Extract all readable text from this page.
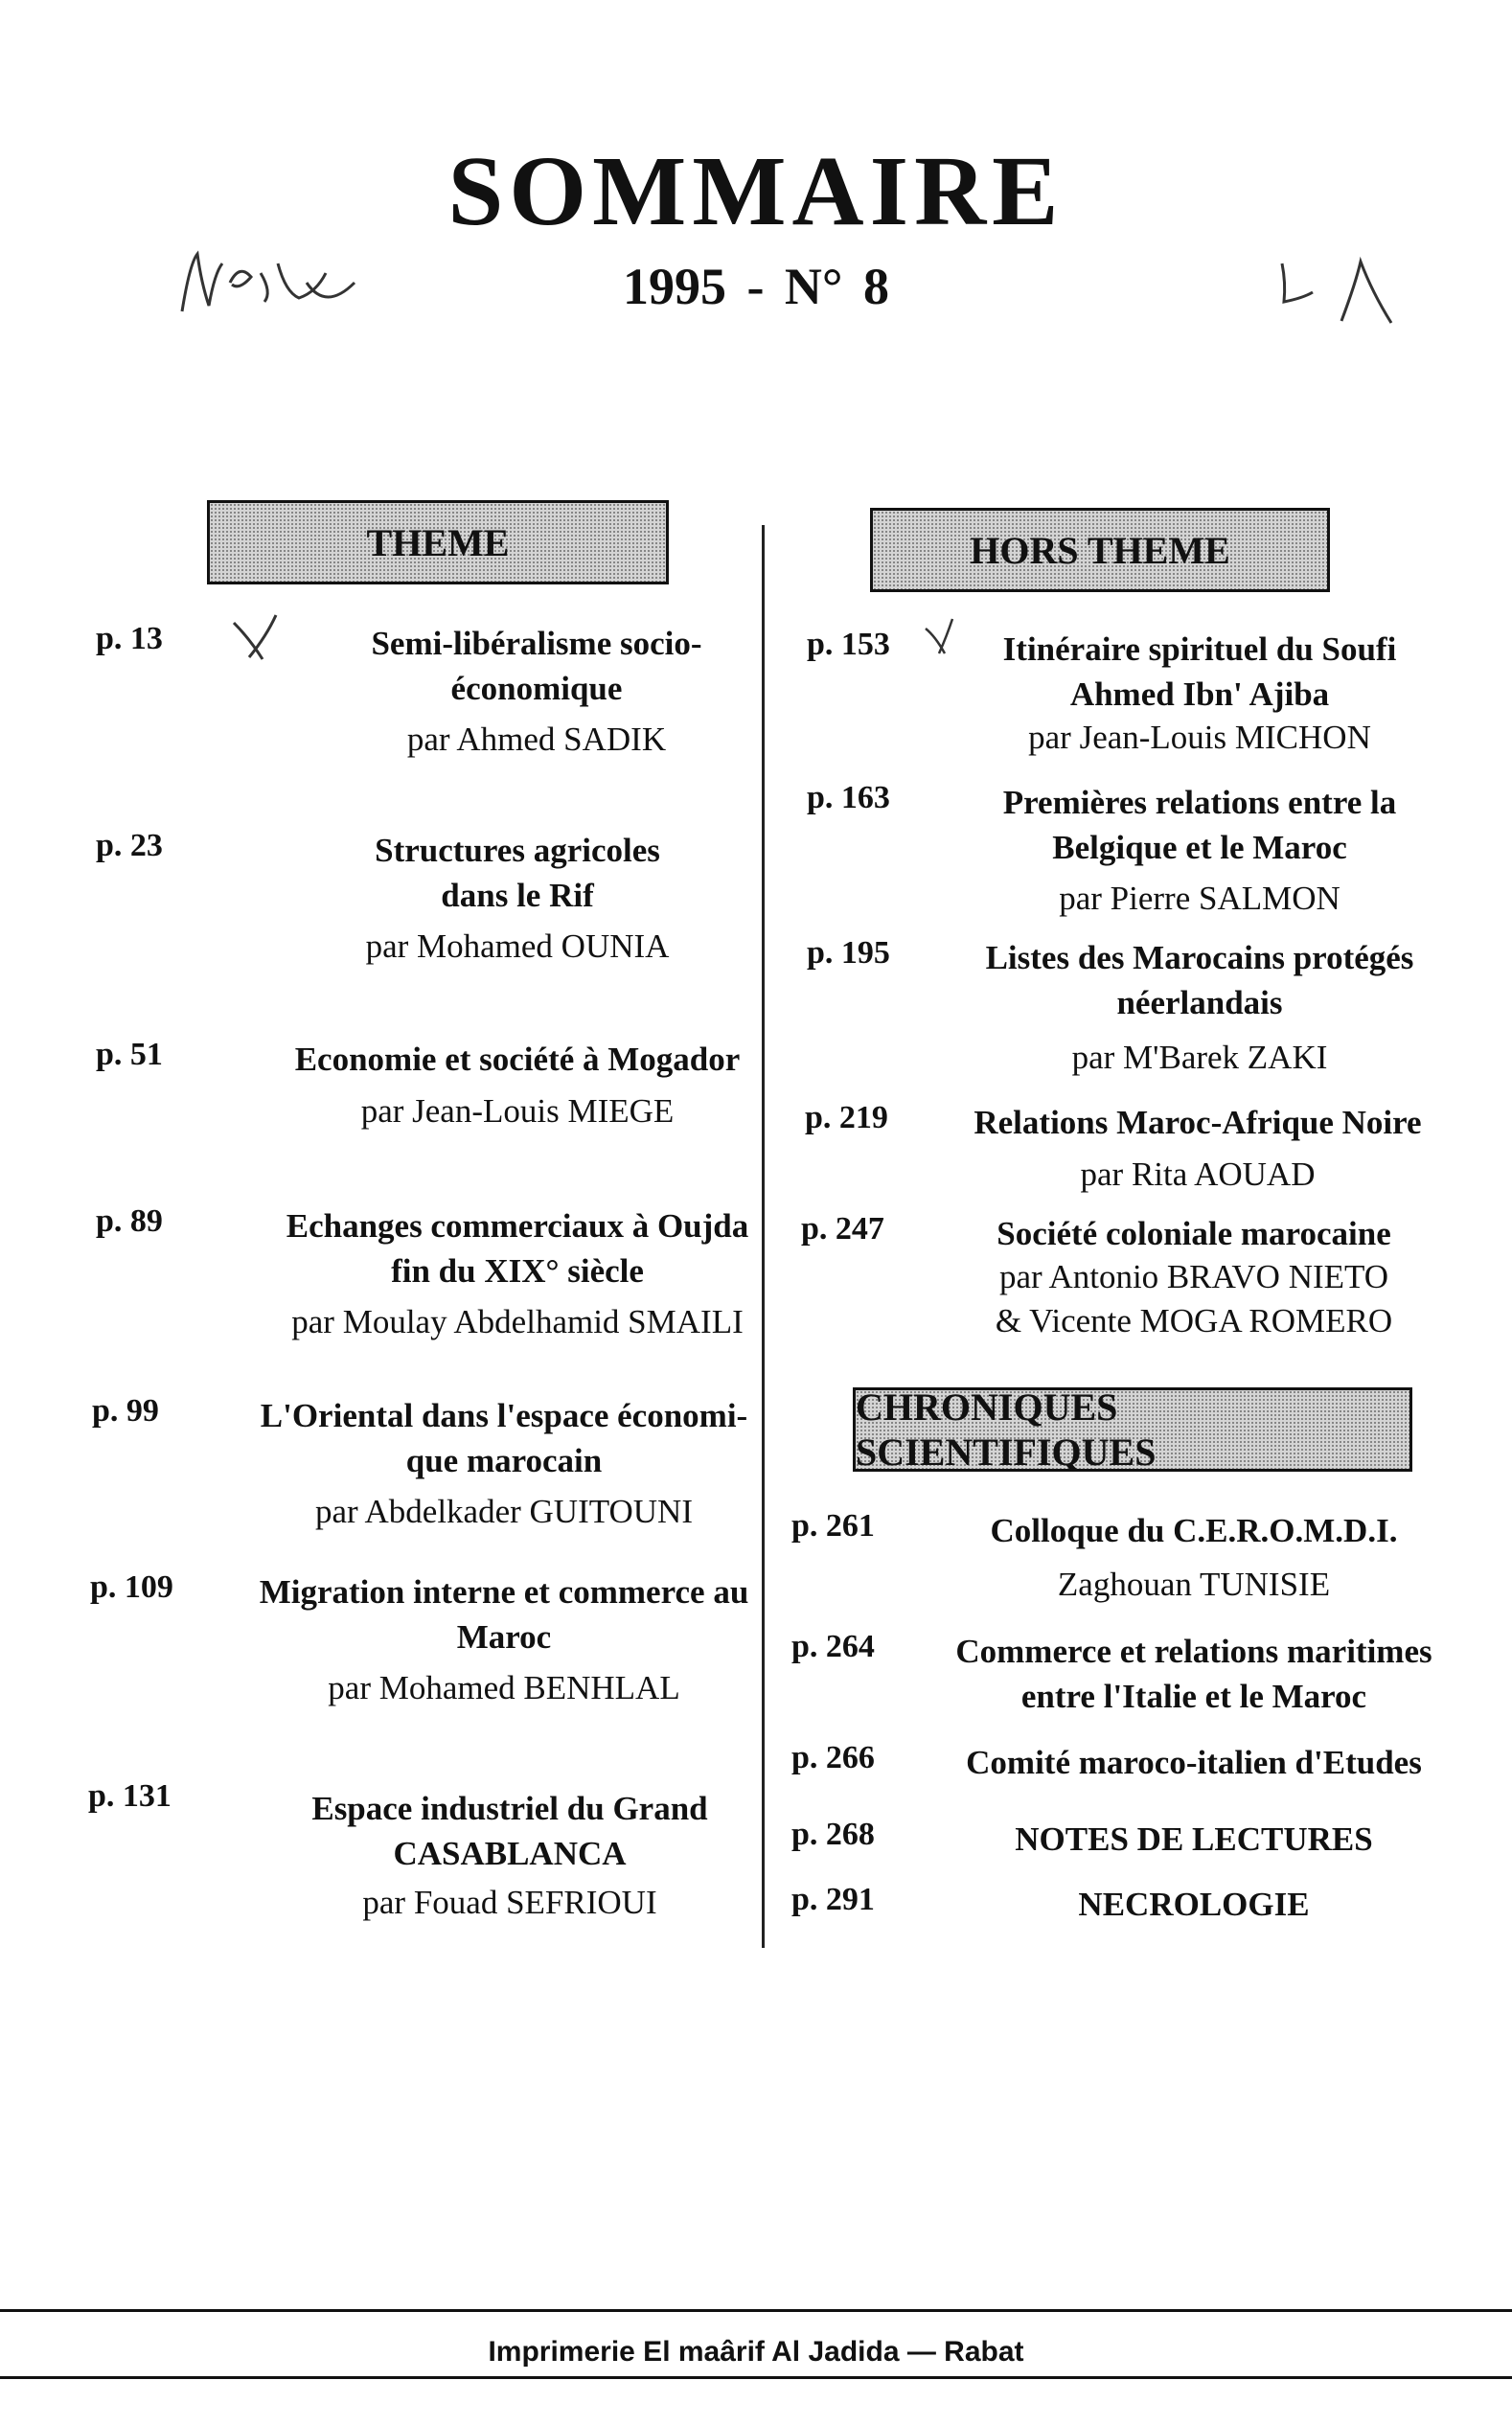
SOMMAIRE
1995 - N° 8
THEME	HORS THEME
CHRONIQUES SCIENTIFIQUES
p. 13	Semi-libéralisme socio-
économique
par Ahmed SADIK
p. 23	Structures agricoles
dans le Rif
par Mohamed OUNIA
p. 51	Economie et société à Mogador
par Jean-Louis MIEGE
p. 89	Echanges commerciaux à Oujda
fin du XIX° siècle
par Moulay Abdelhamid SMAILI
p. 99	L'Oriental dans l'espace économi-
que marocain
par Abdelkader GUITOUNI
p. 109	Migration interne et commerce au
Maroc
par Mohamed BENHLAL
p. 131	Espace industriel du Grand
CASABLANCA
par Fouad SEFRIOUI
p. 153	Itinéraire spirituel du Soufi
Ahmed Ibn' Ajiba
par Jean-Louis MICHON
p. 163	Premières relations entre la
Belgique et le Maroc
par Pierre SALMON
p. 195	Listes des Marocains protégés
néerlandais
par M'Barek ZAKI
p. 219	Relations Maroc-Afrique Noire
par Rita AOUAD
p. 247	Société coloniale marocaine
par Antonio BRAVO NIETO
& Vicente MOGA ROMERO
p. 261	Colloque du C.E.R.O.M.D.I.
Zaghouan TUNISIE
p. 264	Commerce et relations maritimes
entre l'Italie et le Maroc
p. 266	Comité maroco-italien d'Etudes
p. 268	NOTES DE LECTURES
p. 291	NECROLOGIE
Imprimerie El maârif Al Jadida — Rabat
